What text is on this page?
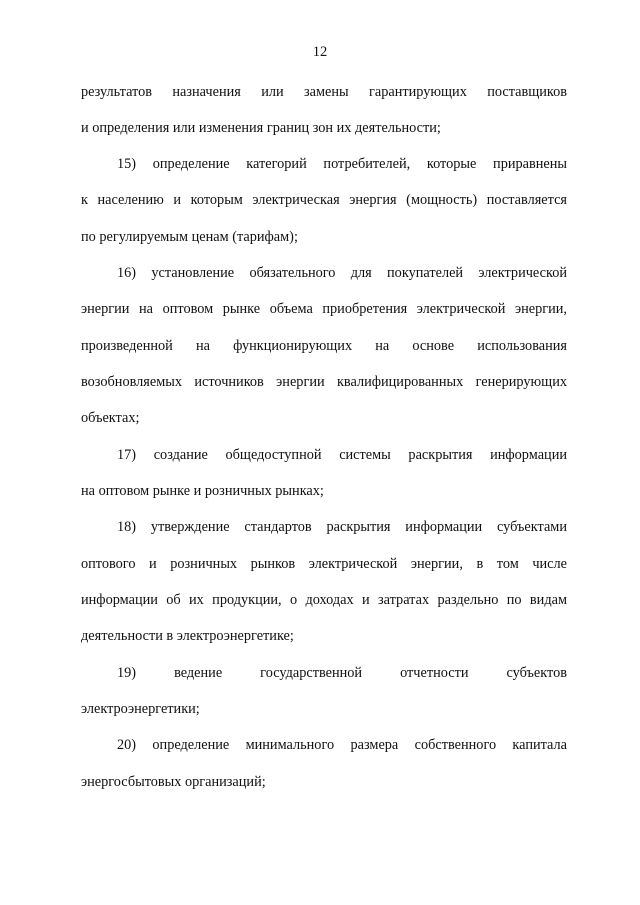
12
результатов назначения или замены гарантирующих поставщиков
и определения или изменения границ зон их деятельности;
15) определение категорий потребителей, которые приравнены
к населению и которым электрическая энергия (мощность) поставляется
по регулируемым ценам (тарифам);
16) установление обязательного для покупателей электрической
энергии на оптовом рынке объема приобретения электрической энергии,
произведенной на функционирующих на основе использования
возобновляемых источников энергии квалифицированных генерирующих
объектах;
17) создание общедоступной системы раскрытия информации
на оптовом рынке и розничных рынках;
18) утверждение стандартов раскрытия информации субъектами
оптового и розничных рынков электрической энергии, в том числе
информации об их продукции, о доходах и затратах раздельно по видам
деятельности в электроэнергетике;
19) ведение государственной отчетности субъектов
электроэнергетики;
20) определение минимального размера собственного капитала
энергосбытовых организаций;
